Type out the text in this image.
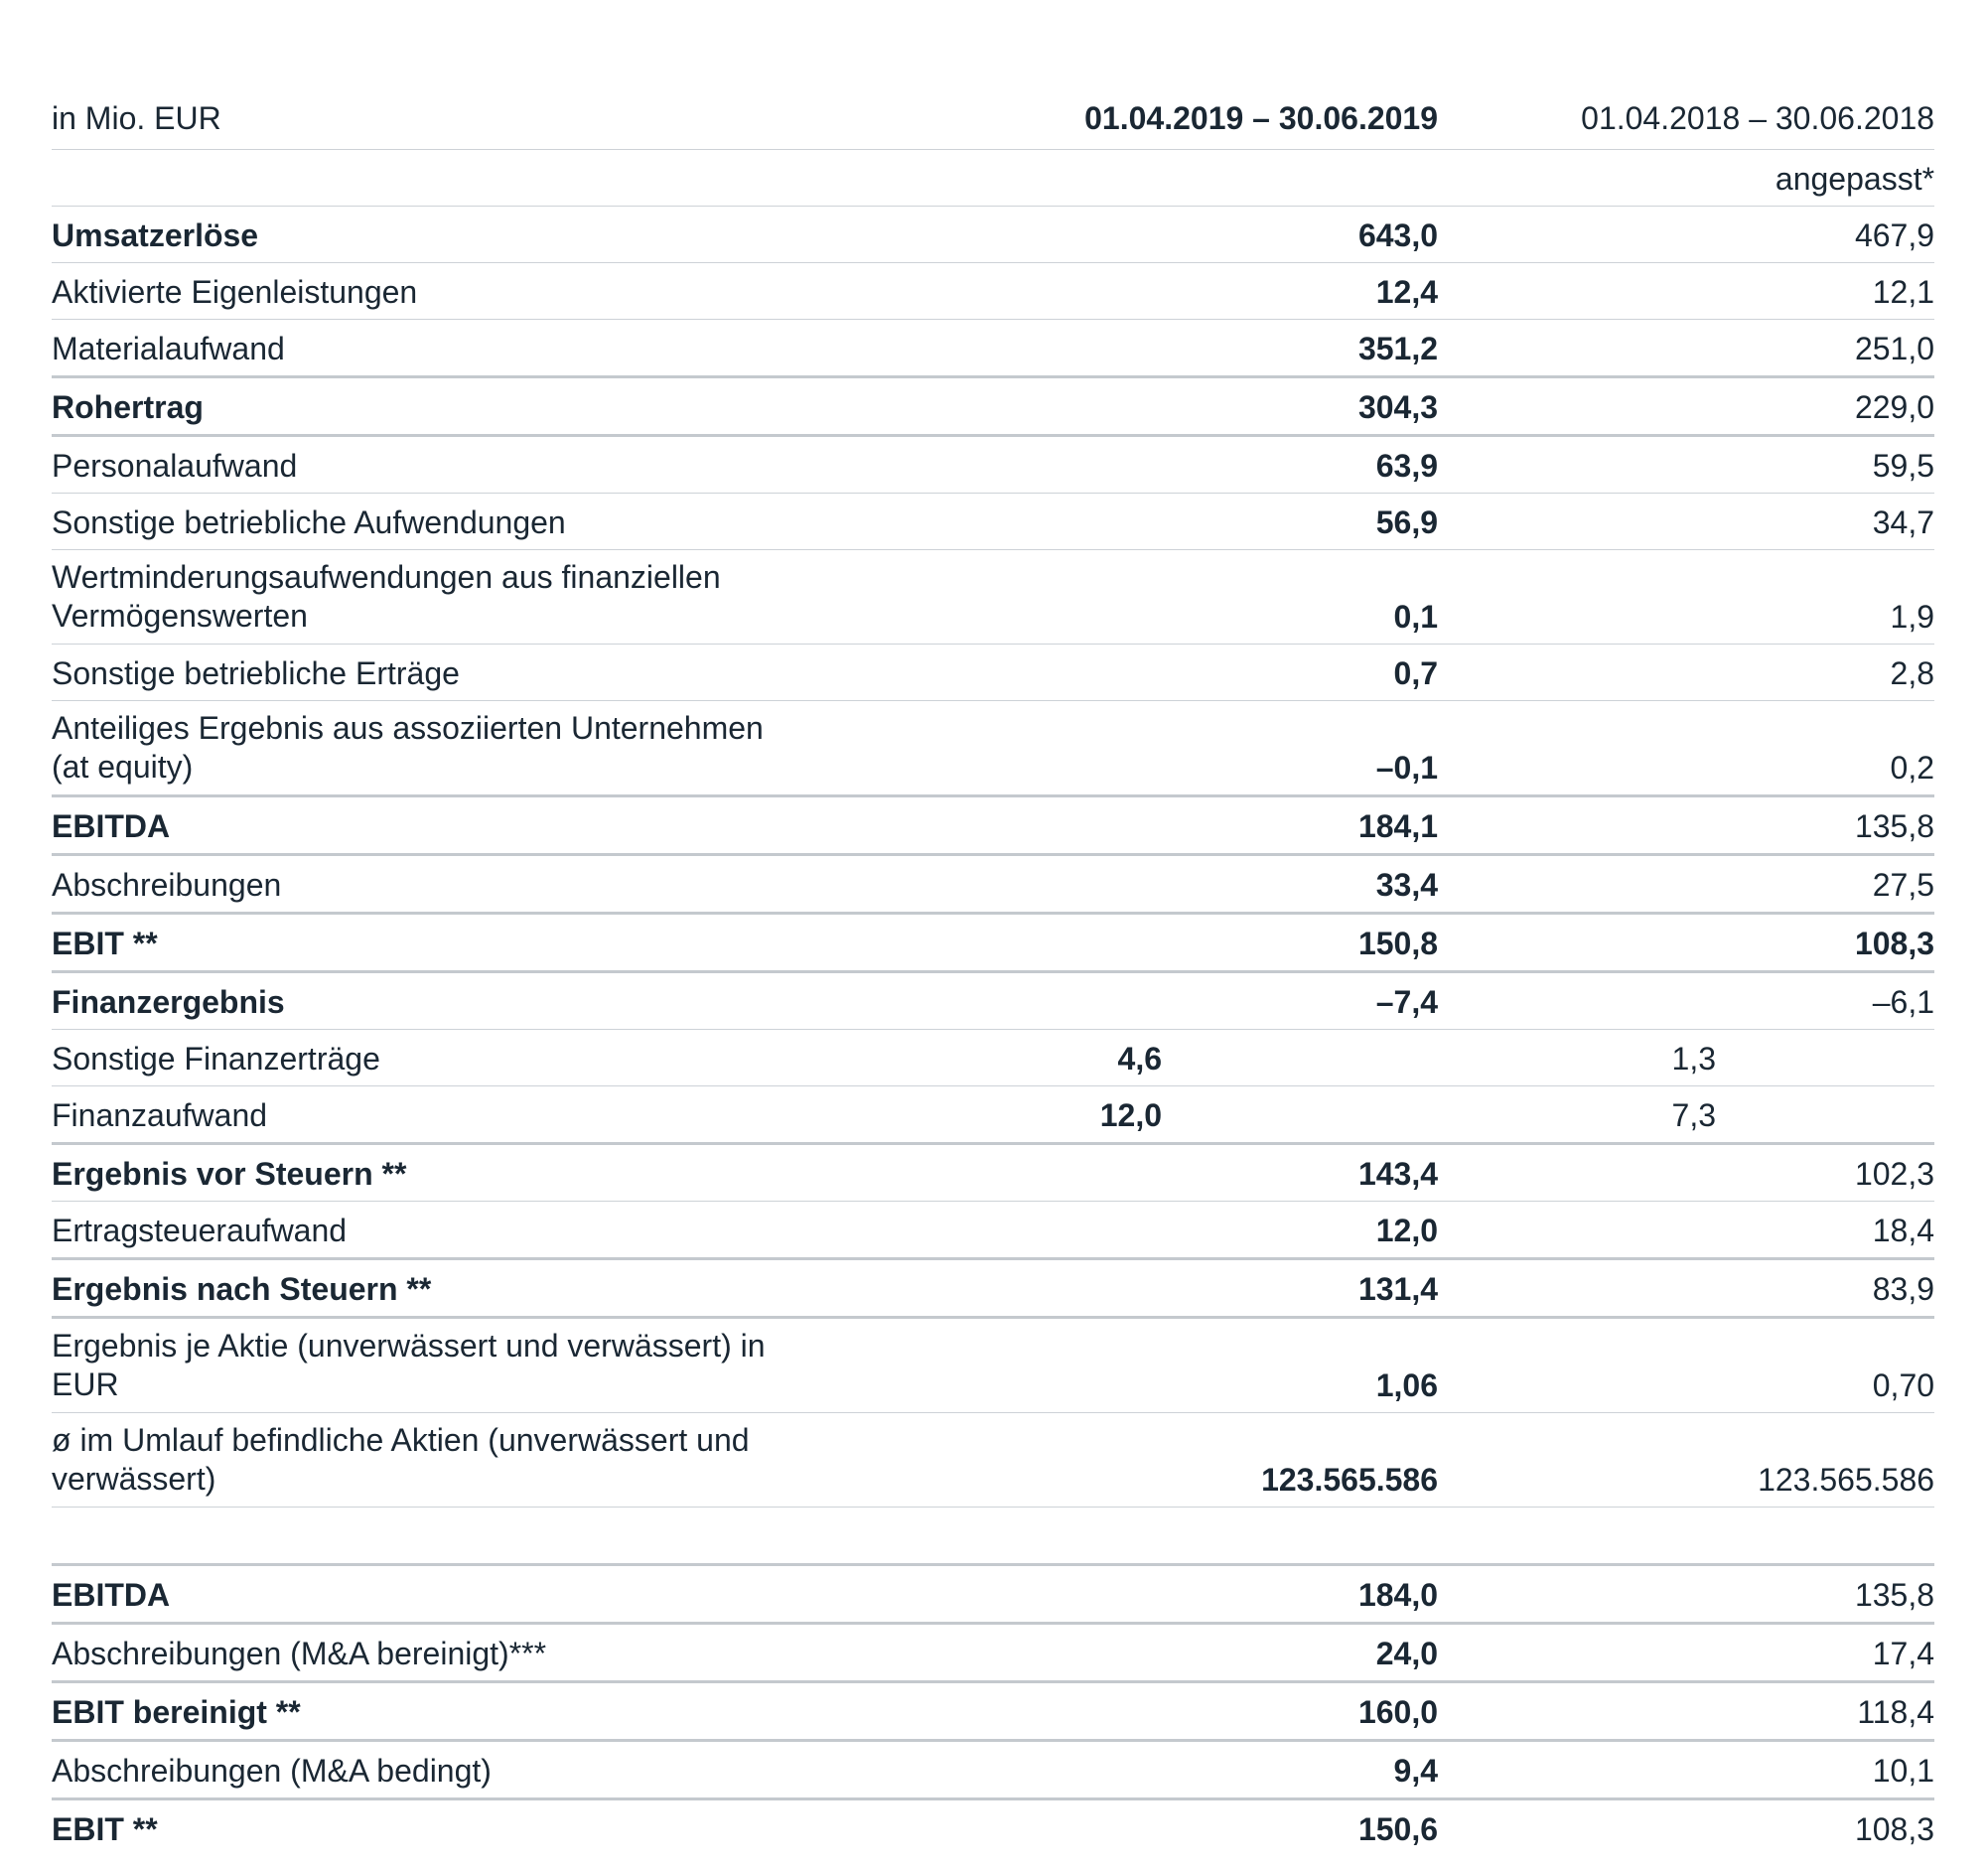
in Mio. EUR	01.04.2019 – 30.06.2019		01.04.2018 – 30.06.2018	
			angepasst*	
Umsatzerlöse	643,0		467,9	
Aktivierte Eigenleistungen	12,4		12,1	
Materialaufwand	351,2		251,0	
Rohertrag	304,3		229,0	
Personalaufwand	63,9		59,5	
Sonstige betriebliche Aufwendungen	56,9		34,7	
Wertminderungsaufwendungen aus finanziellen Vermögenswerten	0,1		1,9	
Sonstige betriebliche Erträge	0,7		2,8	
Anteiliges Ergebnis aus assoziierten Unternehmen (at equity)	–0,1		0,2	
EBITDA	184,1		135,8	
Abschreibungen	33,4		27,5	
EBIT **	150,8		108,3	
Finanzergebnis	–7,4		–6,1	
Sonstige Finanzerträge	4,6		1,3	
Finanzaufwand	12,0		7,3	
Ergebnis vor Steuern **	143,4		102,3	
Ertragsteueraufwand	12,0		18,4	
Ergebnis nach Steuern **	131,4		83,9	
Ergebnis je Aktie (unverwässert und verwässert) in EUR	1,06		0,70	
ø im Umlauf befindliche Aktien (unverwässert und verwässert)	123.565.586		123.565.586	

EBITDA	184,0		135,8	
Abschreibungen (M&A bereinigt)***	24,0		17,4	
EBIT bereinigt **	160,0		118,4	
Abschreibungen (M&A bedingt)	9,4		10,1	
EBIT **	150,6		108,3	
